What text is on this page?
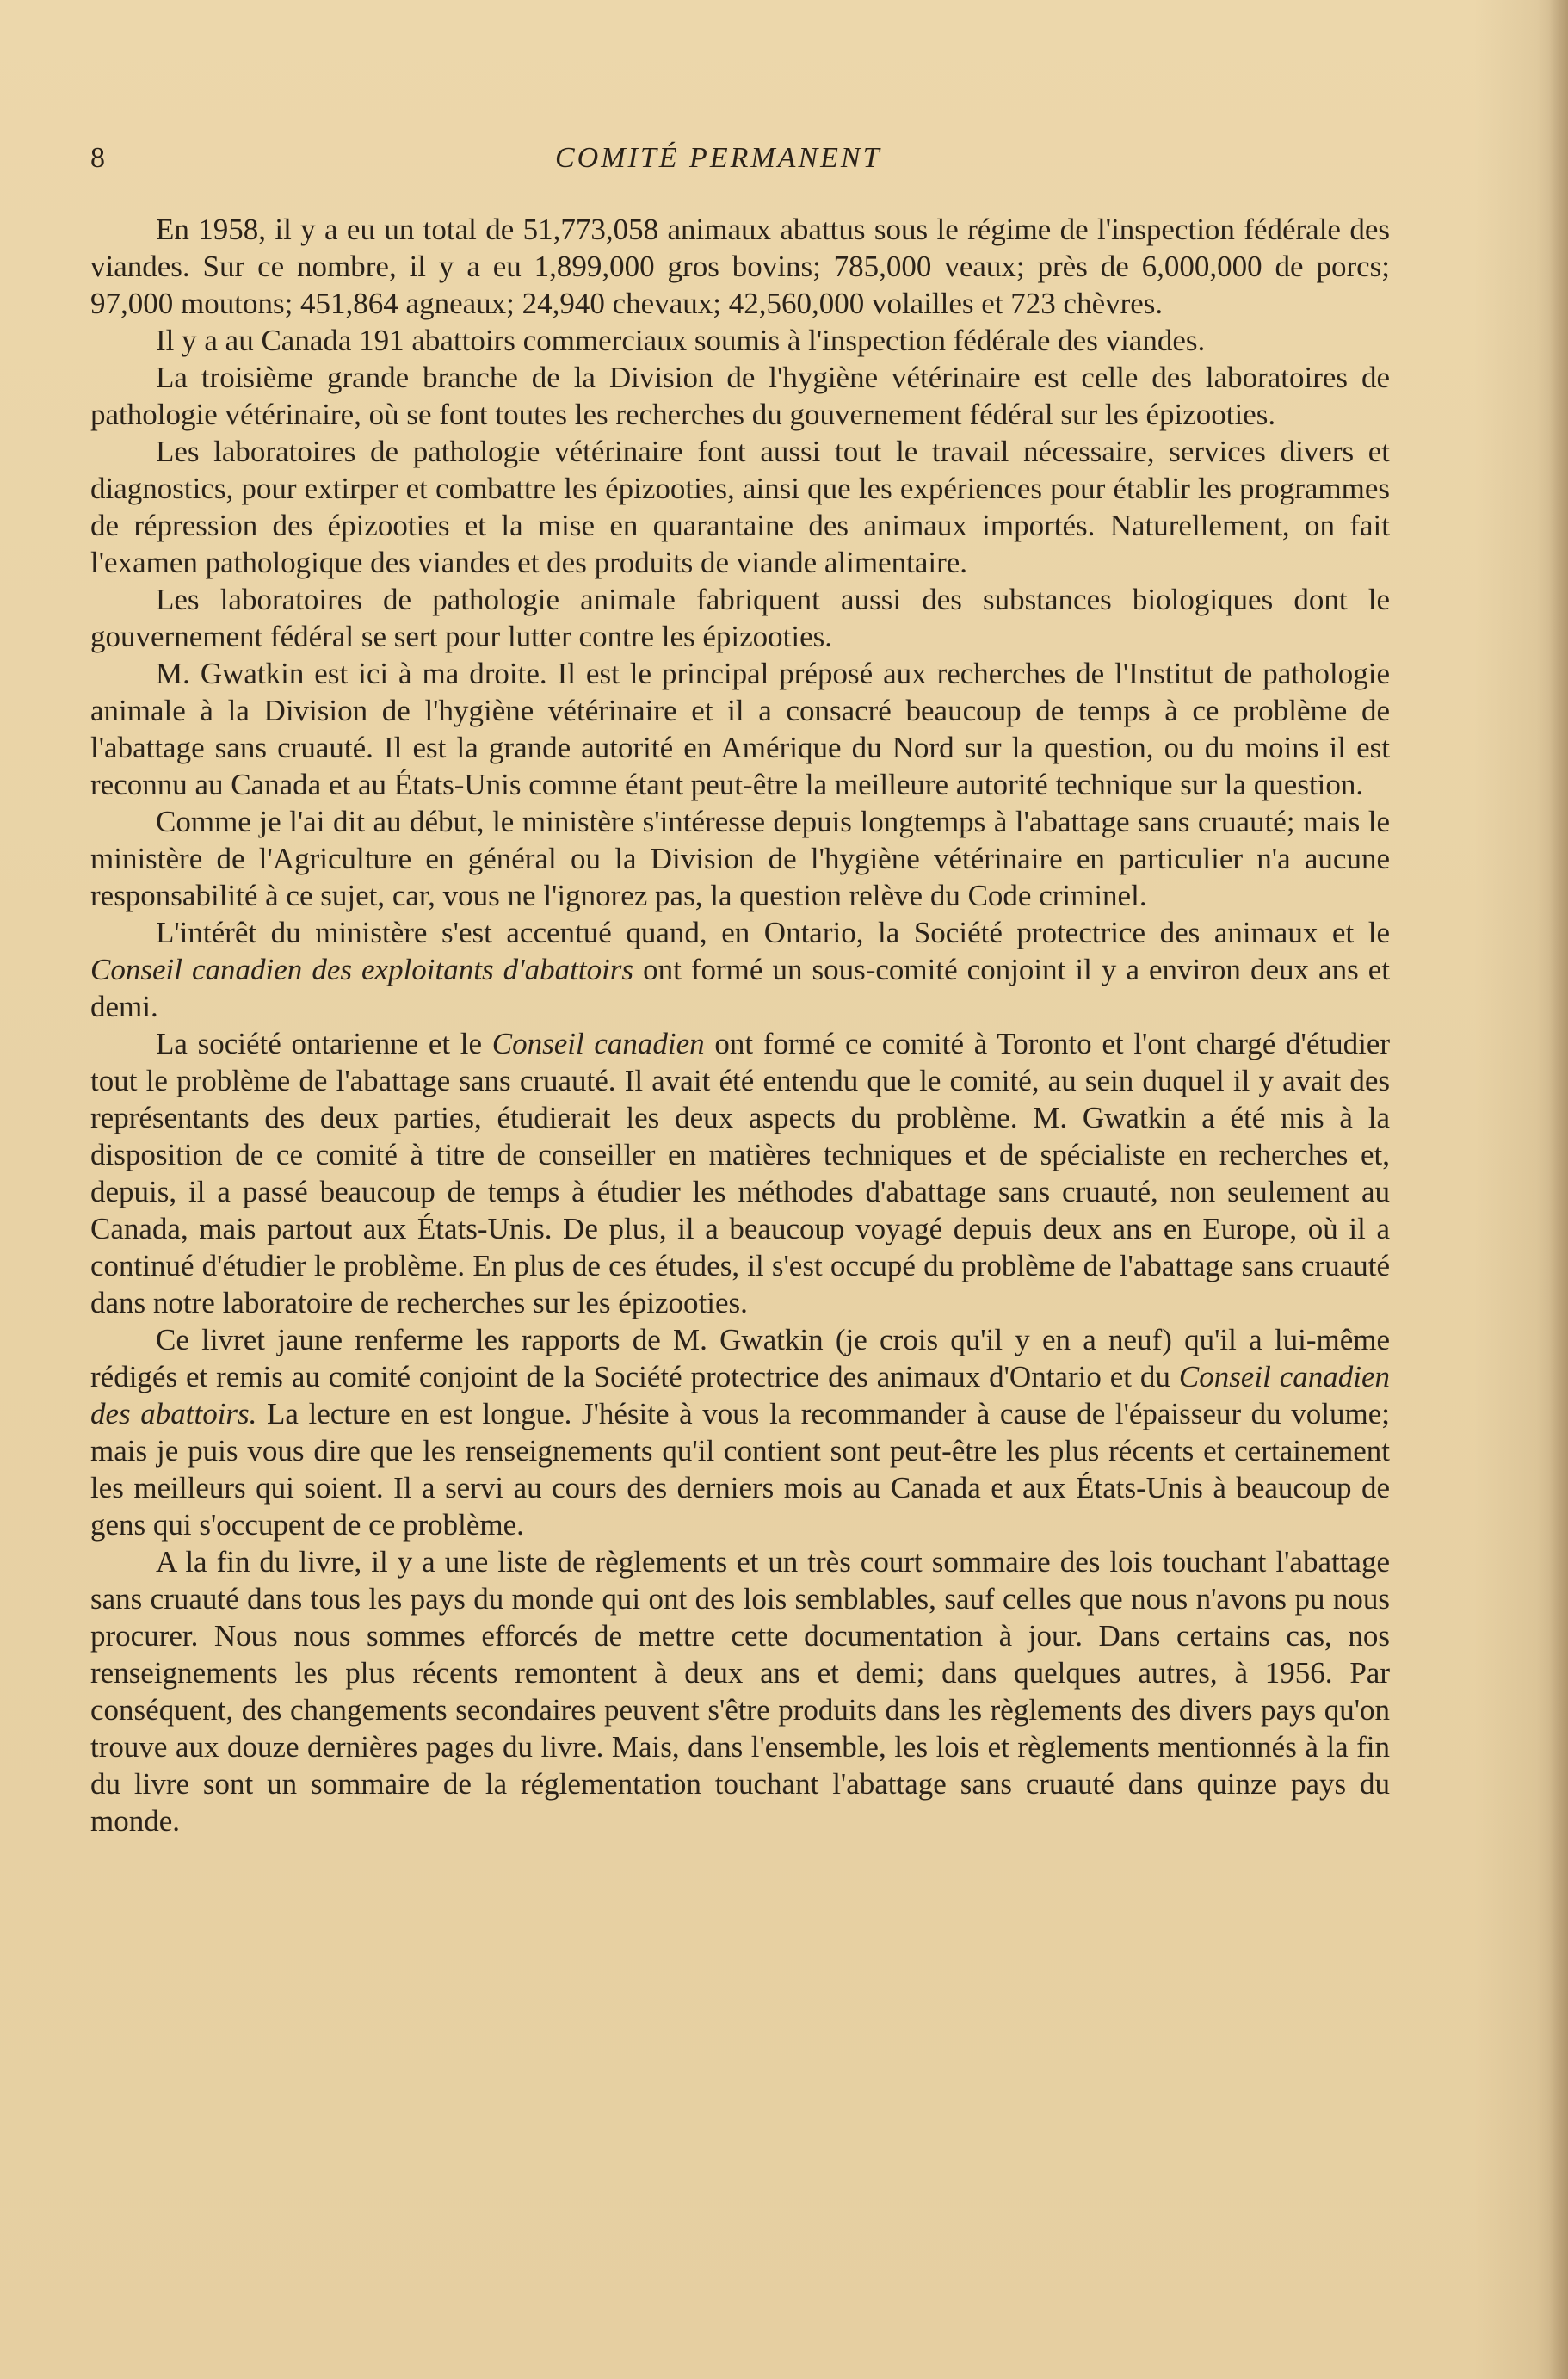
8	COMITÉ PERMANENT

En 1958, il y a eu un total de 51,773,058 animaux abattus sous le régime de l'inspection fédérale des viandes. Sur ce nombre, il y a eu 1,899,000 gros bovins; 785,000 veaux; près de 6,000,000 de porcs; 97,000 moutons; 451,864 agneaux; 24,940 chevaux; 42,560,000 volailles et 723 chèvres.

Il y a au Canada 191 abattoirs commerciaux soumis à l'inspection fédérale des viandes.

La troisième grande branche de la Division de l'hygiène vétérinaire est celle des laboratoires de pathologie vétérinaire, où se font toutes les recherches du gouvernement fédéral sur les épizooties.

Les laboratoires de pathologie vétérinaire font aussi tout le travail nécessaire, services divers et diagnostics, pour extirper et combattre les épizooties, ainsi que les expériences pour établir les programmes de répression des épizooties et la mise en quarantaine des animaux importés. Naturellement, on fait l'examen pathologique des viandes et des produits de viande alimentaire.

Les laboratoires de pathologie animale fabriquent aussi des substances biologiques dont le gouvernement fédéral se sert pour lutter contre les épizooties.

M. Gwatkin est ici à ma droite. Il est le principal préposé aux recherches de l'Institut de pathologie animale à la Division de l'hygiène vétérinaire et il a consacré beaucoup de temps à ce problème de l'abattage sans cruauté. Il est la grande autorité en Amérique du Nord sur la question, ou du moins il est reconnu au Canada et au États-Unis comme étant peut-être la meilleure autorité technique sur la question.

Comme je l'ai dit au début, le ministère s'intéresse depuis longtemps à l'abattage sans cruauté; mais le ministère de l'Agriculture en général ou la Division de l'hygiène vétérinaire en particulier n'a aucune responsabilité à ce sujet, car, vous ne l'ignorez pas, la question relève du Code criminel.

L'intérêt du ministère s'est accentué quand, en Ontario, la Société protectrice des animaux et le Conseil canadien des exploitants d'abattoirs ont formé un sous-comité conjoint il y a environ deux ans et demi.

La société ontarienne et le Conseil canadien ont formé ce comité à Toronto et l'ont chargé d'étudier tout le problème de l'abattage sans cruauté. Il avait été entendu que le comité, au sein duquel il y avait des représentants des deux parties, étudierait les deux aspects du problème. M. Gwatkin a été mis à la disposition de ce comité à titre de conseiller en matières techniques et de spécialiste en recherches et, depuis, il a passé beaucoup de temps à étudier les méthodes d'abattage sans cruauté, non seulement au Canada, mais partout aux États-Unis. De plus, il a beaucoup voyagé depuis deux ans en Europe, où il a continué d'étudier le problème. En plus de ces études, il s'est occupé du problème de l'abattage sans cruauté dans notre laboratoire de recherches sur les épizooties.

Ce livret jaune renferme les rapports de M. Gwatkin (je crois qu'il y en a neuf) qu'il a lui-même rédigés et remis au comité conjoint de la Société protectrice des animaux d'Ontario et du Conseil canadien des abattoirs. La lecture en est longue. J'hésite à vous la recommander à cause de l'épaisseur du volume; mais je puis vous dire que les renseignements qu'il contient sont peut-être les plus récents et certainement les meilleurs qui soient. Il a servi au cours des derniers mois au Canada et aux États-Unis à beaucoup de gens qui s'occupent de ce problème.

A la fin du livre, il y a une liste de règlements et un très court sommaire des lois touchant l'abattage sans cruauté dans tous les pays du monde qui ont des lois semblables, sauf celles que nous n'avons pu nous procurer. Nous nous sommes efforcés de mettre cette documentation à jour. Dans certains cas, nos renseignements les plus récents remontent à deux ans et demi; dans quelques autres, à 1956. Par conséquent, des changements secondaires peuvent s'être produits dans les règlements des divers pays qu'on trouve aux douze dernières pages du livre. Mais, dans l'ensemble, les lois et règlements mentionnés à la fin du livre sont un sommaire de la réglementation touchant l'abattage sans cruauté dans quinze pays du monde.
